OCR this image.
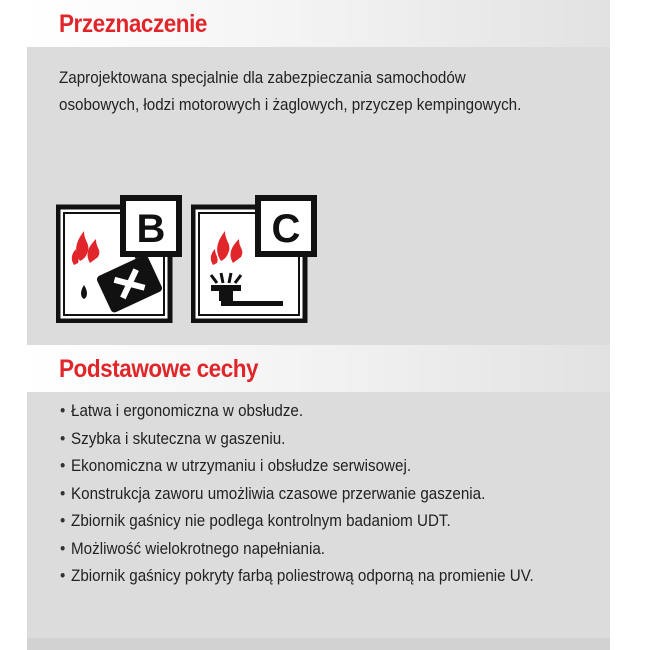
Przeznaczenie
Zaprojektowana specjalnie dla zabezpieczania samochodów
osobowych, łodzi motorowych i żaglowych, przyczep kempingowych.
B	C
Podstawowe cechy
• Łatwa i ergonomiczna w obsłudze.
• Szybka i skuteczna w gaszeniu.
• Ekonomiczna w utrzymaniu i obsłudze serwisowej.
• Konstrukcja zaworu umożliwia czasowe przerwanie gaszenia.
• Zbiornik gaśnicy nie podlega kontrolnym badaniom UDT.
• Możliwość wielokrotnego napełniania.
• Zbiornik gaśnicy pokryty farbą poliestrową odporną na promienie UV.
